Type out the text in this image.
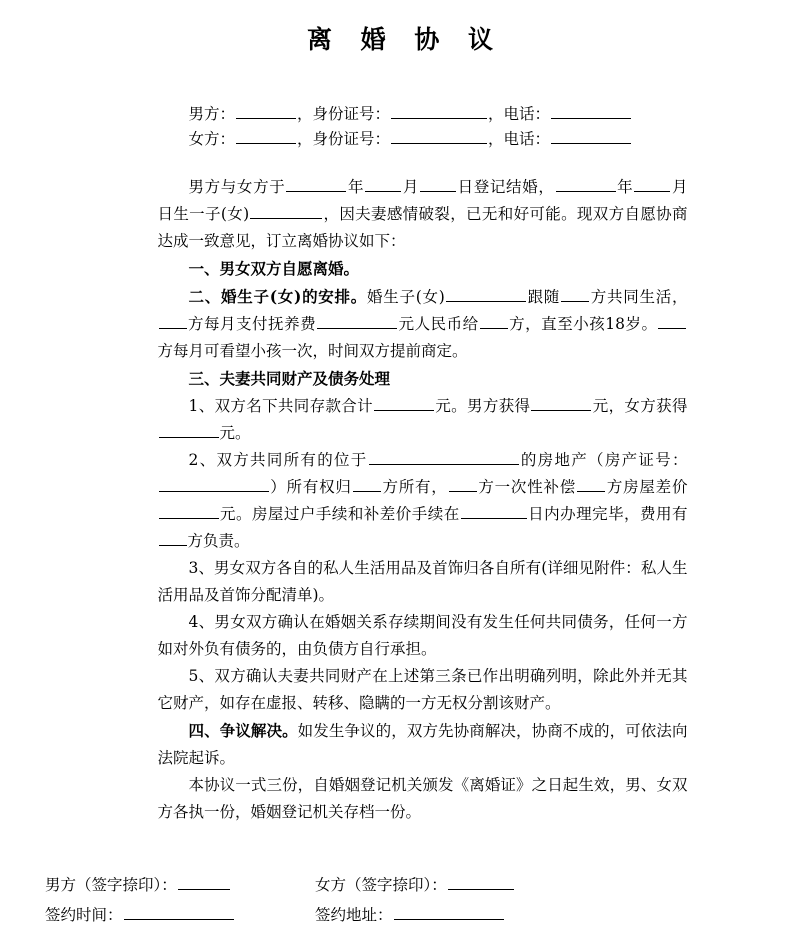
离 婚 协 议
男方：	，身份证号：	，电话：
女方：	，身份证号：	，电话：
男方与女方于	年 月 日登记结婚，	年 月日生一子(女)	，因夫妻感情破裂，已无和好可能。现双方自愿协商达成一致意见，订立离婚协议如下：
一、男女双方自愿离婚。
二、婚生子(女)的安排。婚生子(女)	跟随 方共同生活，方每月支付抚养费	元人民币给 方，直至小孩18岁。方每月可看望小孩一次，时间双方提前商定。
三、夫妻共同财产及债务处理
1、双方名下共同存款合计	元。男方获得	元，女方获得元。
2、双方共同所有的位于	的房地产（房产证号：）所有权归 方所有， 方一次性补偿 方房屋差价元。房屋过户手续和补差价手续在	日内办理完毕，费用有方负责。
3、男女双方各自的私人生活用品及首饰归各自所有(详细见附件：私人生活用品及首饰分配清单)。
4、男女双方确认在婚姻关系存续期间没有发生任何共同债务，任何一方如对外负有债务的，由负债方自行承担。
5、双方确认夫妻共同财产在上述第三条已作出明确列明，除此外并无其它财产，如存在虚报、转移、隐瞒的一方无权分割该财产。
四、争议解决。如发生争议的，双方先协商解决，协商不成的，可依法向法院起诉。
本协议一式三份，自婚姻登记机关颁发《离婚证》之日起生效，男、女双方各执一份，婚姻登记机关存档一份。
男方（签字捺印）：	女方（签字捺印）：
签约时间：	签约地址：
